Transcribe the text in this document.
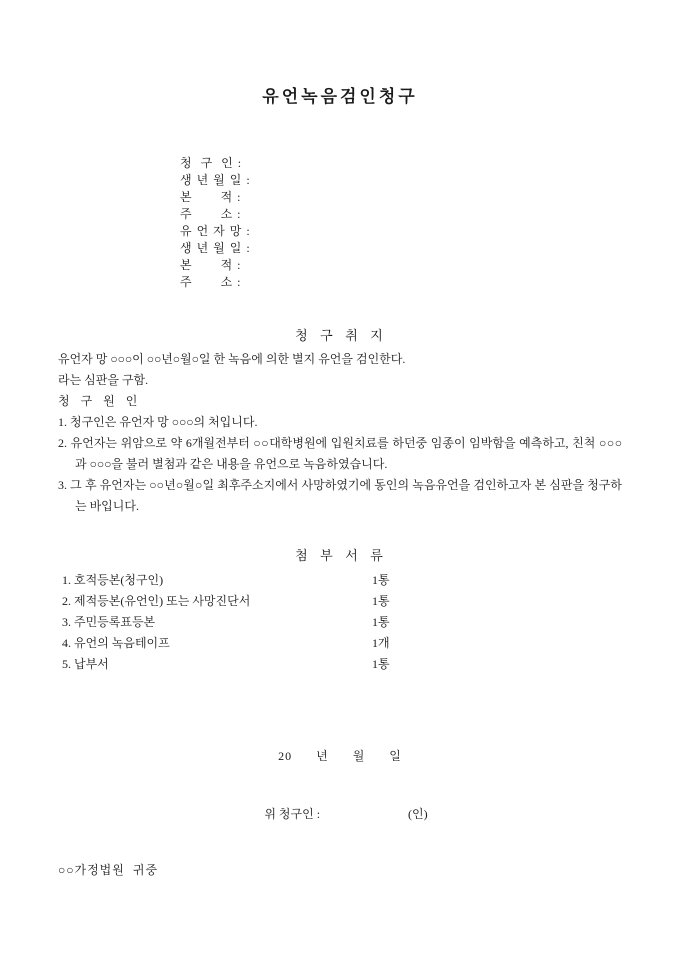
유언녹음검인청구
청  구  인 :
생 년 월 일 :
본       적 :
주       소 :
유 언 자 망 :
생 년 월 일 :
본       적 :
주       소 :
청  구  취  지
유언자 망 ○○○이 ○○년○월○일 한 녹음에 의한 별지 유언을 검인한다.
라는 심판을 구함.
청 구 원 인
1. 청구인은 유언자 망 ○○○의 처입니다.
2. 유언자는 위암으로 약 6개월전부터 ○○대학병원에 입원치료를 하던중 임종이 임박함을 예측하고, 친척 ○○○과 ○○○을 불러 별첨과 같은 내용을 유언으로 녹음하였습니다.
3. 그 후 유언자는 ○○년○월○일 최후주소지에서 사망하였기에 동인의 녹음유언을 검인하고자 본 심판을 청구하는 바입니다.
첨  부  서  류
1. 호적등본(청구인)	1통
2. 제적등본(유언인) 또는 사망진단서	1통
3. 주민등록표등본	1통
4. 유언의 녹음테이프	1개
5. 납부서	1통
20      년      월      일

위 청구인 :	(인)

○○가정법원  귀중
